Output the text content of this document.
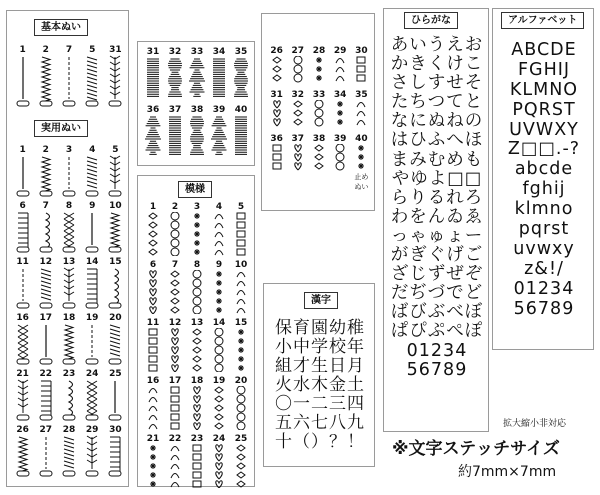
基本ぬい
1	2	7	5	31
実用ぬい
1	2	3	4	5
6	7	8	9	10
11	12	13	14	15
16	17	18	19	20
21	22	23	24	25
26	27	28	29	30
31	32	33	34	35
36	37	38	39	40
模様
1	2	3	4	5
6	7	8	9	10
11	12	13	14	15
16	17	18	19	20
21	22	23	24	25
26 27 28 29 30
31 32 33 34 35
36 37 38 39 40
止め ぬい
漢字
保育園幼稚
小中学校年
組才生日月
火水木金土
〇一二三四
五六七八九
十（）？！
ひらがな
あいうえお
かきくけこ
さしすせそ
たちつてと
なにぬねの
はひふへほ
まみむめも
やゆよ□□
らりるれろ
わをんゐゑ
っゃゅょー
がぎぐげご
ざじずぜぞ
だぢづでど
ばびぶべぼ
ぱぴぷぺぽ
01234
56789
アルファベット
ABCDE
FGHIJ
KLMNO
PQRST
UVWXY
Z□□.-?
abcde
fghij
klmno
pqrst
uvwxy
z&!/
01234
56789
拡大縮小非対応
※文字ステッチサイズ
約7mm×7mm
